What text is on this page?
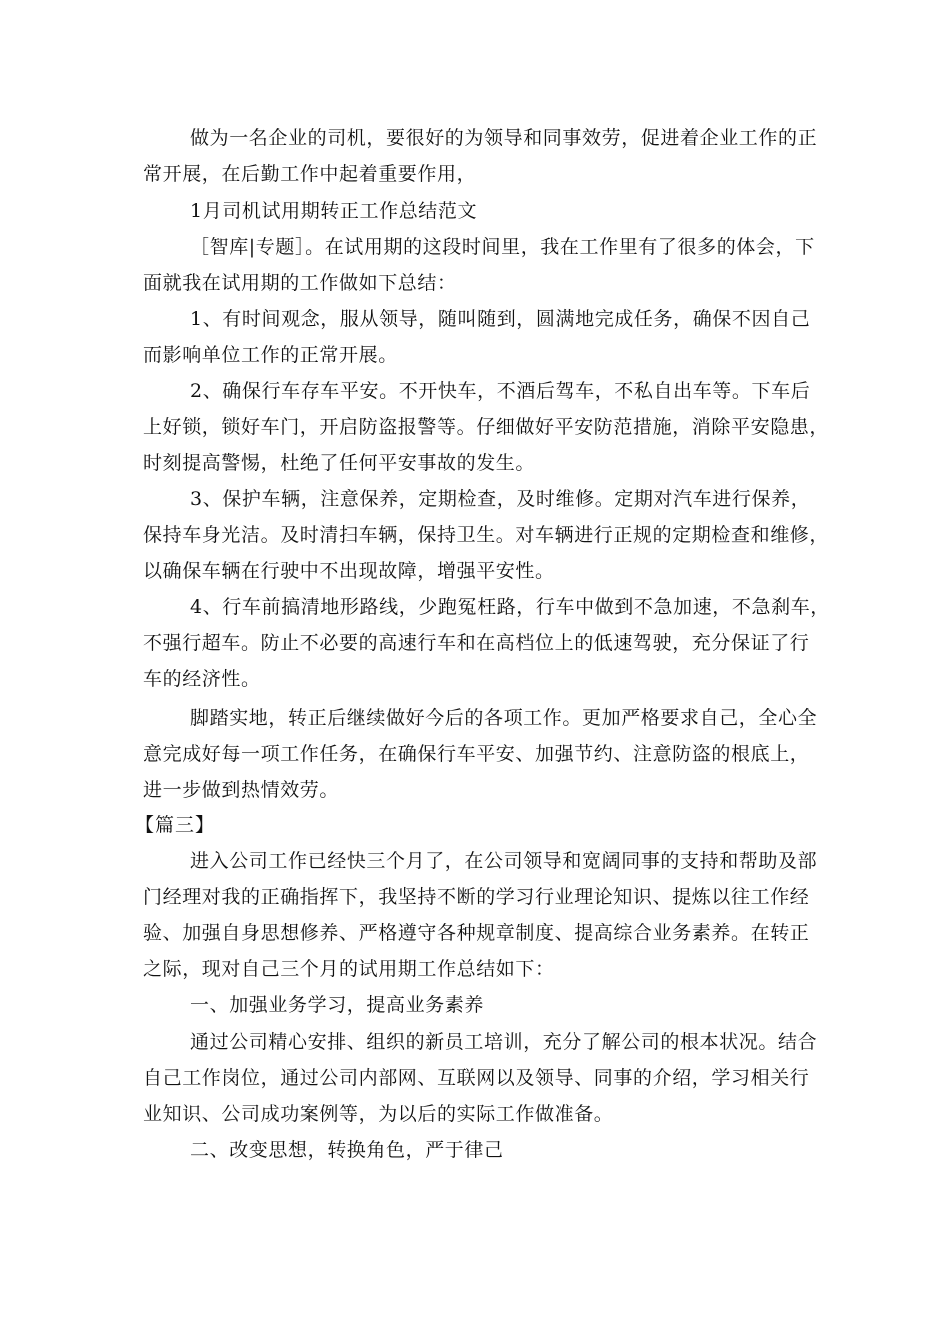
做为一名企业的司机，要很好的为领导和同事效劳，促进着企业工作的正
常开展，在后勤工作中起着重要作用，
1月司机试用期转正工作总结范文
［智库|专题］。在试用期的这段时间里，我在工作里有了很多的体会，下
面就我在试用期的工作做如下总结：
1、有时间观念，服从领导，随叫随到，圆满地完成任务，确保不因自己
而影响单位工作的正常开展。
2、确保行车存车平安。不开快车，不酒后驾车，不私自出车等。下车后
上好锁，锁好车门，开启防盗报警等。仔细做好平安防范措施，消除平安隐患，
时刻提高警惕，杜绝了任何平安事故的发生。
3、保护车辆，注意保养，定期检查，及时维修。定期对汽车进行保养，
保持车身光洁。及时清扫车辆，保持卫生。对车辆进行正规的定期检查和维修，
以确保车辆在行驶中不出现故障，增强平安性。
4、行车前搞清地形路线，少跑冤枉路，行车中做到不急加速，不急刹车，
不强行超车。防止不必要的高速行车和在高档位上的低速驾驶，充分保证了行
车的经济性。
脚踏实地，转正后继续做好今后的各项工作。更加严格要求自己，全心全
意完成好每一项工作任务，在确保行车平安、加强节约、注意防盗的根底上，
进一步做到热情效劳。
【篇三】
进入公司工作已经快三个月了，在公司领导和宽阔同事的支持和帮助及部
门经理对我的正确指挥下，我坚持不断的学习行业理论知识、提炼以往工作经
验、加强自身思想修养、严格遵守各种规章制度、提高综合业务素养。在转正
之际，现对自己三个月的试用期工作总结如下：
一、加强业务学习，提高业务素养
通过公司精心安排、组织的新员工培训，充分了解公司的根本状况。结合
自己工作岗位，通过公司内部网、互联网以及领导、同事的介绍，学习相关行
业知识、公司成功案例等，为以后的实际工作做准备。
二、改变思想，转换角色，严于律己
